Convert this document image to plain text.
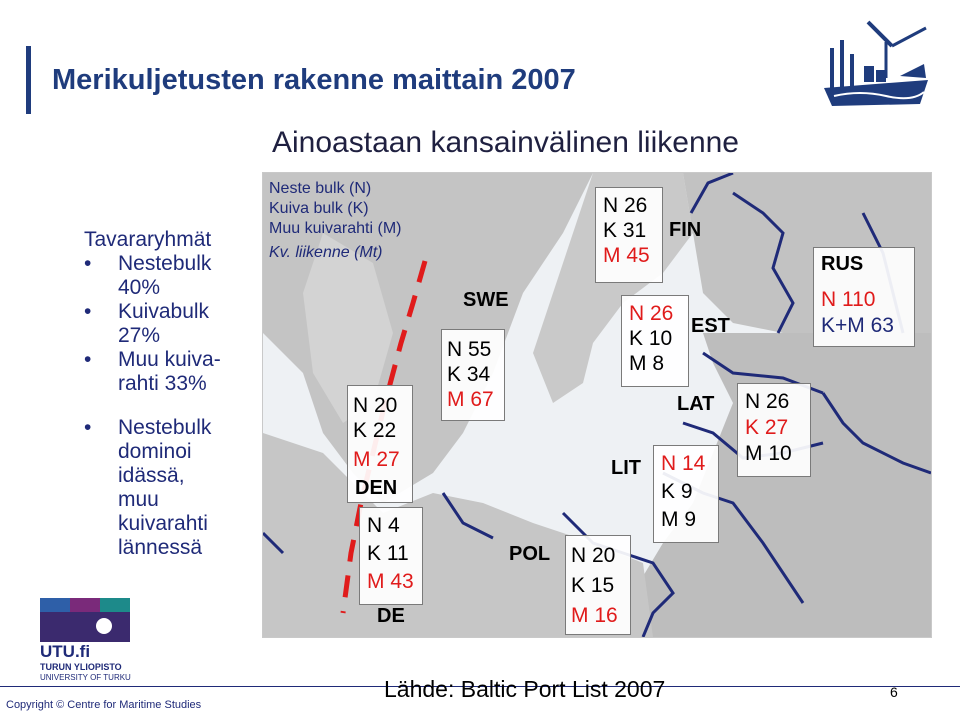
Merikuljetusten rakenne maittain 2007
Ainoastaan kansainvälinen liikenne
Tavararyhmät
• Nestebulk
40%
• Kuivabulk
27%
• Muu kuiva-
rahti 33%
• Nestebulk
dominoi
idässä,
muu
kuivarahti
lännessä
UTU.fi
TURUN YLIOPISTO
UNIVERSITY OF TURKU
Neste bulk (N)
Kuiva bulk (K)
Muu kuivarahti (M)
Kv. liikenne (Mt)
N 26
K 31
M 45
FIN
SWE
N 55
K 34
M 67
N 26
K 10
M 8
EST
RUS
N 110
K+M 63
N 20
K 22
M 27
DEN
LAT N 26
K 27
M 10
LIT N 14
K 9
M 9
N 4
K 11
M 43
DE
POL N 20
K 15
M 16
Lähde: Baltic Port List 2007
Copyright © Centre for Maritime Studies
6
